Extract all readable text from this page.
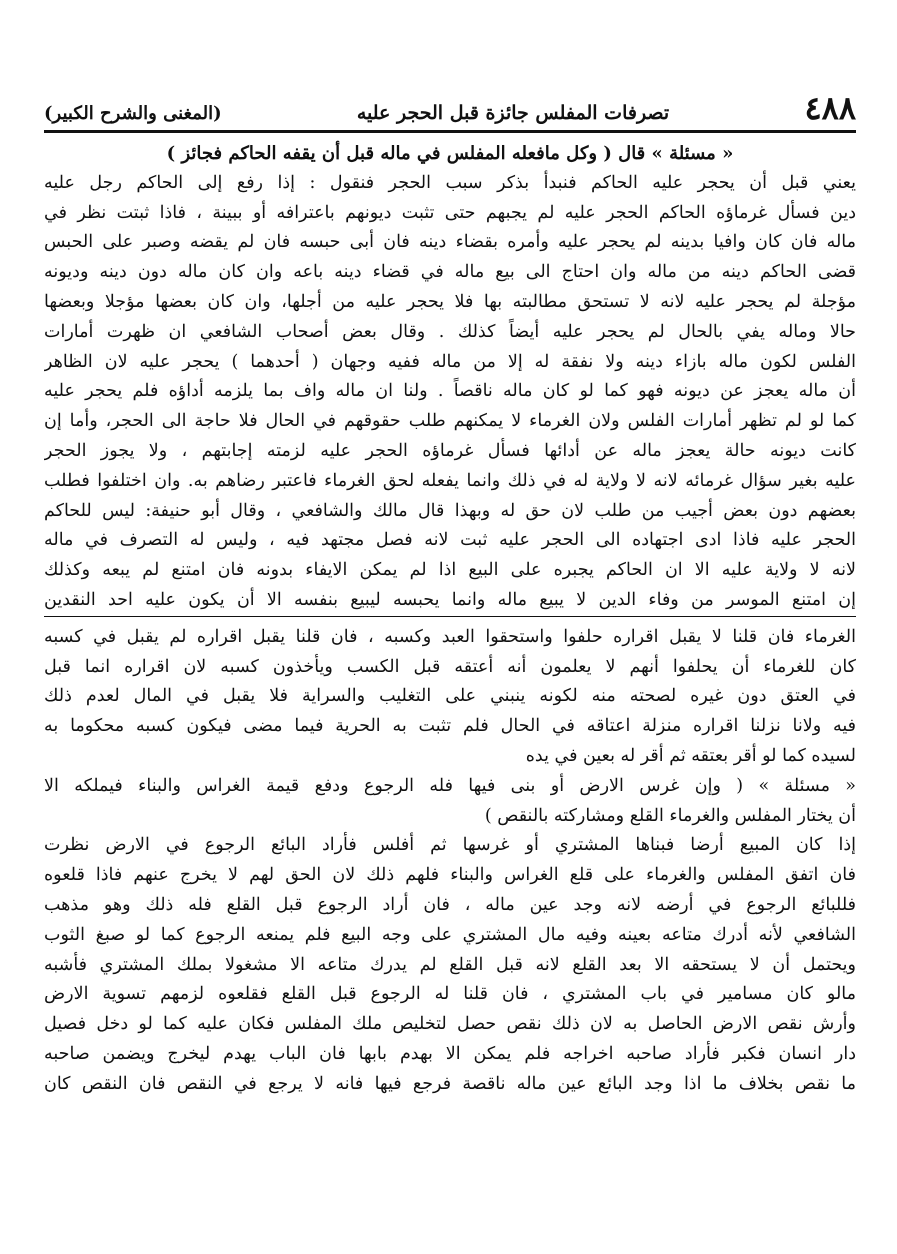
٤٨٨
تصرفات المفلس جائزة قبل الحجر عليه
(المغنى والشرح الكبير)
« مسئلة » قال ( وكل مافعله المفلس في ماله قبل أن يقفه الحاكم فجائز )
يعني قبل أن يحجر عليه الحاكم فنبدأ بذكر سبب الحجر فنقول : إذا رفع إلى الحاكم رجل عليه
دين فسأل غرماؤه الحاكم الحجر عليه لم يجبهم حتى تثبت ديونهم باعترافه أو ببينة ، فاذا ثبتت نظر في
ماله فان كان وافيا بدينه لم يحجر عليه وأمره بقضاء دينه فان أبى حبسه فان لم يقضه وصبر على الحبس
قضى الحاكم دينه من ماله وان احتاج الى بيع ماله في قضاء دينه باعه وان كان ماله دون دينه وديونه
مؤجلة لم يحجر عليه لانه لا تستحق مطالبته بها فلا يحجر عليه من أجلها، وان كان بعضها مؤجلا وبعضها
حالا وماله يفي بالحال لم يحجر عليه أيضاً كذلك . وقال بعض أصحاب الشافعي ان ظهرت أمارات
الفلس لكون ماله بازاء دينه ولا نفقة له إلا من ماله ففيه وجهان ( أحدهما ) يحجر عليه لان الظاهر
أن ماله يعجز عن ديونه فهو كما لو كان ماله ناقصاً . ولنا ان ماله واف بما يلزمه أداؤه فلم يحجر عليه
كما لو لم تظهر أمارات الفلس ولان الغرماء لا يمكنهم طلب حقوقهم في الحال فلا حاجة الى الحجر، وأما إن
كانت ديونه حالة يعجز ماله عن أدائها فسأل غرماؤه الحجر عليه لزمته إجابتهم ، ولا يجوز الحجر
عليه بغير سؤال غرمائه لانه لا ولاية له في ذلك وانما يفعله لحق الغرماء فاعتبر رضاهم به. وان اختلفوا فطلب
بعضهم دون بعض أجيب من طلب لان حق له وبهذا قال مالك والشافعي ، وقال أبو حنيفة: ليس للحاكم
الحجر عليه فاذا ادى اجتهاده الى الحجر عليه ثبت لانه فصل مجتهد فيه ، وليس له التصرف في ماله
لانه لا ولاية عليه الا ان الحاكم يجبره على البيع اذا لم يمكن الايفاء بدونه فان امتنع لم يبعه وكذلك
إن امتنع الموسر من وفاء الدين لا يبيع ماله وانما يحبسه ليبيع بنفسه الا أن يكون عليه احد النقدين
الغرماء فان قلنا لا يقبل اقراره حلفوا واستحقوا العبد وكسبه ، فان قلنا يقبل اقراره لم يقبل في كسبه
كان للغرماء أن يحلفوا أنهم لا يعلمون أنه أعتقه قبل الكسب ويأخذون كسبه لان اقراره انما قبل
في العتق دون غيره لصحته منه لكونه ينبني على التغليب والسراية فلا يقبل في المال لعدم ذلك
فيه ولانا نزلنا اقراره منزلة اعتاقه في الحال فلم تثبت به الحرية فيما مضى فيكون كسبه محكوما به
لسيده كما لو أقر بعتقه ثم أقر له بعين في يده
« مسئلة » ( وإن غرس الارض أو بنى فيها فله الرجوع ودفع قيمة الغراس والبناء فيملكه الا
أن يختار المفلس والغرماء القلع ومشاركته بالنقص )
إذا كان المبيع أرضا فبناها المشتري أو غرسها ثم أفلس فأراد البائع الرجوع في الارض نظرت
فان اتفق المفلس والغرماء على قلع الغراس والبناء فلهم ذلك لان الحق لهم لا يخرج عنهم فاذا قلعوه
فللبائع الرجوع في أرضه لانه وجد عين ماله ، فان أراد الرجوع قبل القلع فله ذلك وهو مذهب
الشافعي لأنه أدرك متاعه بعينه وفيه مال المشتري على وجه البيع فلم يمنعه الرجوع كما لو صبغ الثوب
ويحتمل أن لا يستحقه الا بعد القلع لانه قبل القلع لم يدرك متاعه الا مشغولا بملك المشتري فأشبه
مالو كان مسامير في باب المشتري ، فان قلنا له الرجوع قبل القلع فقلعوه لزمهم تسوية الارض
وأرش نقص الارض الحاصل به لان ذلك نقص حصل لتخليص ملك المفلس فكان عليه كما لو دخل فصيل
دار انسان فكبر فأراد صاحبه اخراجه فلم يمكن الا بهدم بابها فان الباب يهدم ليخرج ويضمن صاحبه
ما نقص بخلاف ما اذا وجد البائع عين ماله ناقصة فرجع فيها فانه لا يرجع في النقص فان النقص كان
